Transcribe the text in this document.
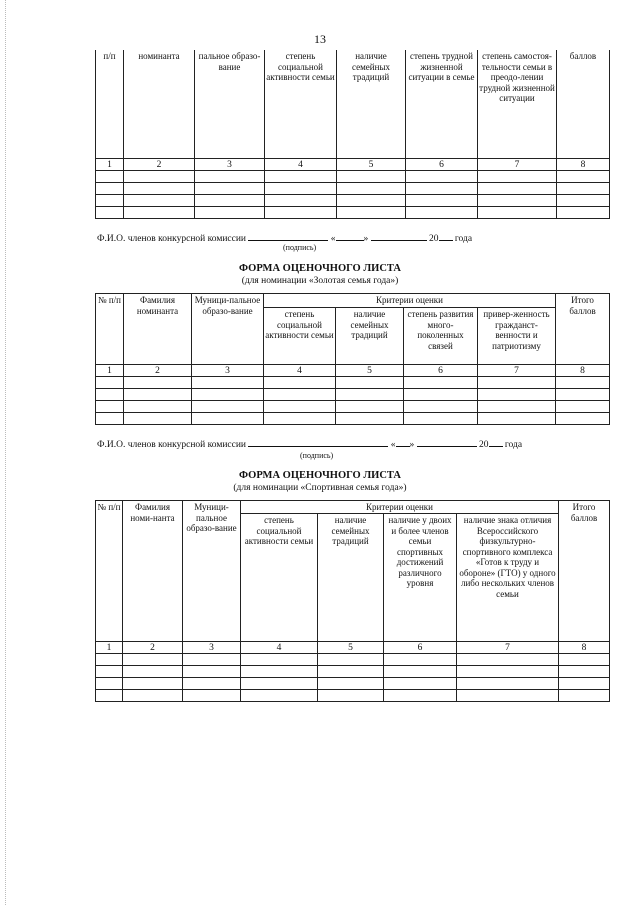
13
п/п	номинанта	пальное образо-вание	степень социальной активности семьи	наличие семейных традиций	степень трудной жизненной ситуации в семье	степень самостоя-тельности семьи в преодо-лении трудной жизненной ситуации	баллов
1	2	3	4	5	6	7	8

Ф.И.О. членов конкурсной комиссии	«	»	20 года
(подпись)
ФОРМА ОЦЕНОЧНОГО ЛИСТА
(для номинации «Золотая семья года»)
№ п/п	Фамилия номинанта	Муници-пальное образо-вание	Критерии оценки				Итого баллов
			степень социальной активности семьи	наличие семейных традиций	степень развития много-поколенных связей	привер-женность гражданст-венности и патриотизму	
1	2	3	4	5	6	7	8

Ф.И.О. членов конкурсной комиссии	« »	20 года
(подпись)
ФОРМА ОЦЕНОЧНОГО ЛИСТА
(для номинации «Спортивная семья года»)
№ п/п	Фамилия номи-нанта	Муници-пальное образо-вание	Критерии оценки				Итого баллов
			степень социальной активности семьи	наличие семейных традиций	наличие у двоих и более членов семьи спортивных достижений различного уровня	наличие знака отличия Всероссийского физкультурно-спортивного комплекса «Готов к труду и обороне» (ГТО) у одного либо нескольких членов семьи	
1	2	3	4	5	6	7	8
